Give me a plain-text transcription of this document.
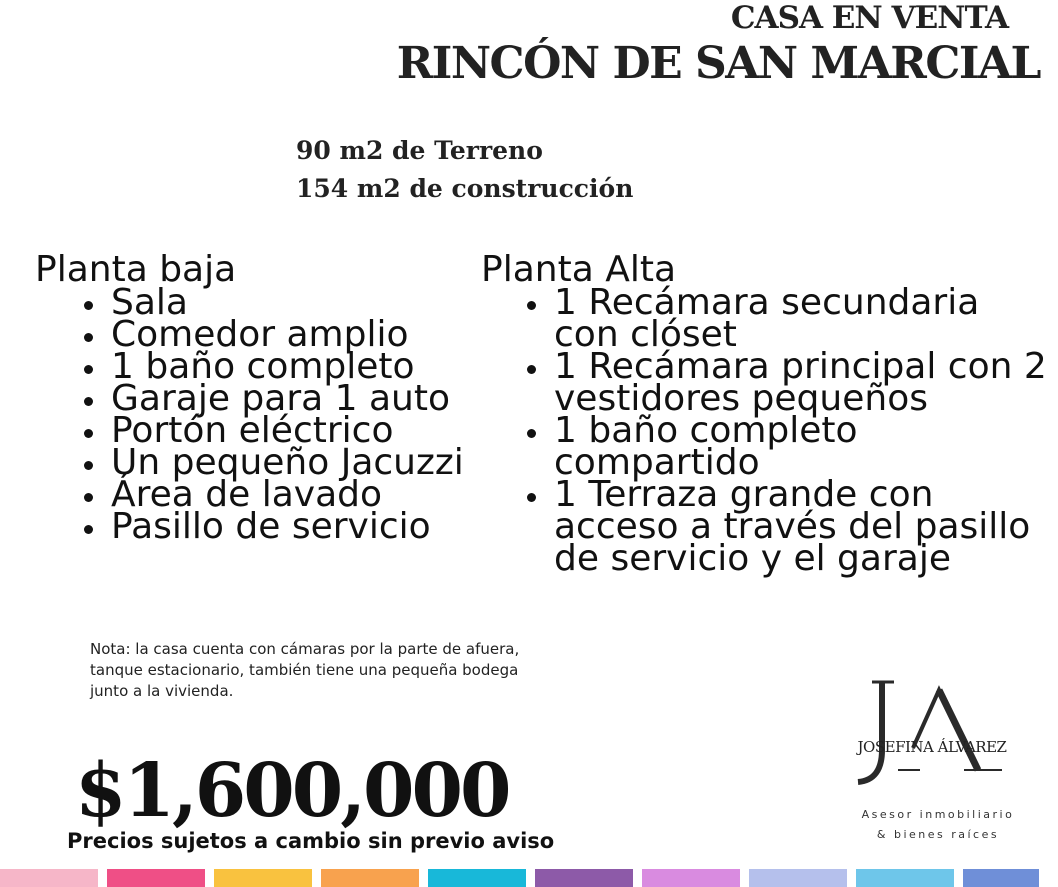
CASA EN VENTA
RINCÓN DE SAN MARCIAL
90 m2 de Terreno
154 m2 de construcción
Planta baja
Sala
Comedor amplio
1 baño completo
Garaje para 1 auto
Portón eléctrico
Un pequeño Jacuzzi
Área de lavado
Pasillo de servicio
Planta Alta
1 Recámara secundaria con clóset
1 Recámara principal con 2 vestidores pequeños
1 baño completo compartido
1 Terraza grande con acceso a través del pasillo de servicio y el garaje
Nota: la casa cuenta con cámaras por la parte de afuera, tanque estacionario, también tiene una pequeña bodega junto a la vivienda.
$1,600,000
Precios sujetos a cambio sin previo aviso
JOSEFINA ÁLVAREZ
Asesor inmobiliario
& bienes raíces
